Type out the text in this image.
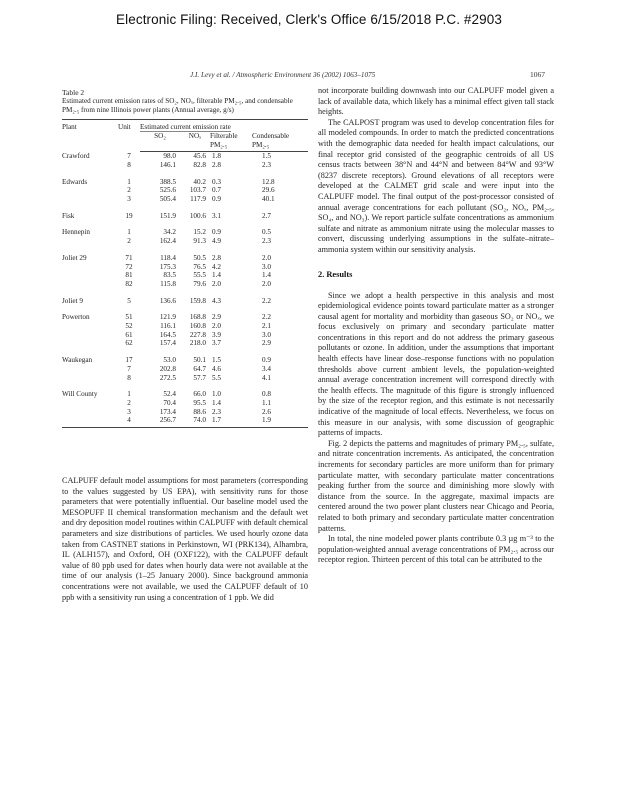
Electronic Filing: Received, Clerk's Office 6/15/2018 P.C. #2903
J.I. Levy et al. / Atmospheric Environment 36 (2002) 1063–1075	1067
Table 2
Estimated current emission rates of SO₂, NOₓ, filterable PM₂.₅, and condensable PM₂.₅ from nine Illinois power plants (Annual average, g/s)
Plant	Unit	Estimated current emission rate			
		SO₂	NOₓ	Filterable PM₂.₅	Condensable PM₂.₅
Crawford	7	98.0	45.6	1.8	1.5
	8	146.1	82.8	2.8	2.3

Edwards	1	388.5	40.2	0.3	12.8
	2	525.6	103.7	0.7	29.6
	3	505.4	117.9	0.9	40.1

Fisk	19	151.9	100.6	3.1	2.7

Hennepin	1	34.2	15.2	0.9	0.5
	2	162.4	91.3	4.9	2.3

Joliet 29	71	118.4	50.5	2.8	2.0
	72	175.3	76.5	4.2	3.0
	81	83.5	55.5	1.4	1.4
	82	115.8	79.6	2.0	2.0

Joliet 9	5	136.6	159.8	4.3	2.2

Powerton	51	121.9	168.8	2.9	2.2
	52	116.1	160.8	2.0	2.1
	61	164.5	227.8	3.9	3.0
	62	157.4	218.0	3.7	2.9

Waukegan	17	53.0	50.1	1.5	0.9
	7	202.8	64.7	4.6	3.4
	8	272.5	57.7	5.5	4.1

Will County	1	52.4	66.0	1.0	0.8
	2	70.4	95.5	1.4	1.1
	3	173.4	88.6	2.3	2.6
	4	256.7	74.0	1.7	1.9

CALPUFF default model assumptions for most parameters (corresponding to the values suggested by US EPA), with sensitivity runs for those parameters that were potentially influential. Our baseline model used the MESOPUFF II chemical transformation mechanism and the default wet and dry deposition model routines within CALPUFF with default chemical parameters and size distributions of particles. We used hourly ozone data taken from CASTNET stations in Perkinstown, WI (PRK134), Alhambra, IL (ALH157), and Oxford, OH (OXF122), with the CALPUFF default value of 80 ppb used for dates when hourly data were not available at the time of our analysis (1–25 January 2000). Since background ammonia concentrations were not available, we used the CALPUFF default of 10 ppb with a sensitivity run using a concentration of 1 ppb. We did

not incorporate building downwash into our CALPUFF model given a lack of available data, which likely has a minimal effect given tall stack heights.

The CALPOST program was used to develop concentration files for all modeled compounds. In order to match the predicted concentrations with the demographic data needed for health impact calculations, our final receptor grid consisted of the geographic centroids of all US census tracts between 38°N and 44°N and between 84°W and 93°W (8237 discrete receptors). Ground elevations of all receptors were developed at the CALMET grid scale and were input into the CALPUFF model. The final output of the post-processor consisted of annual average concentrations for each pollutant (SO₂, NOₓ, PM₂.₅, SO₄, and NO₃). We report particle sulfate concentrations as ammonium sulfate and nitrate as ammonium nitrate using the molecular masses to convert, discussing underlying assumptions in the sulfate–nitrate–ammonia system within our sensitivity analysis.

2. Results

Since we adopt a health perspective in this analysis and most epidemiological evidence points toward particulate matter as a stronger causal agent for mortality and morbidity than gaseous SO₂ or NOₓ, we focus exclusively on primary and secondary particulate matter concentrations in this report and do not address the primary gaseous pollutants or ozone. In addition, under the assumptions that important health effects have linear dose–response functions with no population thresholds above current ambient levels, the population-weighted annual average concentration increment will correspond directly with the health effects. The magnitude of this figure is strongly influenced by the size of the receptor region, and this estimate is not necessarily indicative of the magnitude of local effects. Nevertheless, we focus on this measure in our analysis, with some discussion of geographic patterns of impacts.

Fig. 2 depicts the patterns and magnitudes of primary PM₂.₅, sulfate, and nitrate concentration increments. As anticipated, the concentration increments for secondary particles are more uniform than for primary particulate matter, with secondary particulate matter concentrations peaking further from the source and diminishing more slowly with distance from the source. In the aggregate, maximal impacts are centered around the two power plant clusters near Chicago and Peoria, related to both primary and secondary particulate matter concentration patterns.

In total, the nine modeled power plants contribute 0.3 µg m⁻³ to the population-weighted annual average concentrations of PM₂.₅ across our receptor region. Thirteen percent of this total can be attributed to the
